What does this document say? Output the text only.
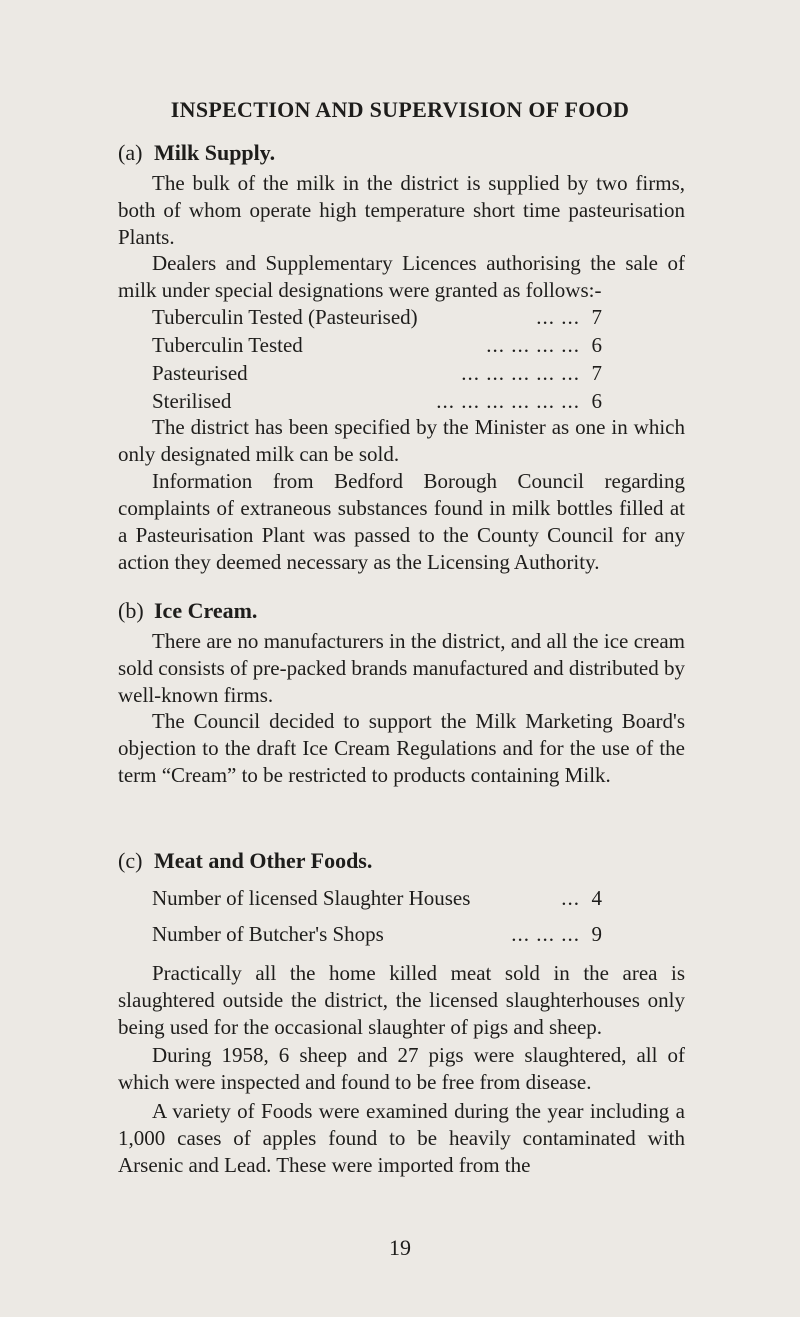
INSPECTION AND SUPERVISION OF FOOD
(a) Milk Supply.

The bulk of the milk in the district is supplied by two firms, both of whom operate high temperature short time pasteurisation Plants.

Dealers and Supplementary Licences authorising the sale of milk under special designations were granted as follows:-

Tuberculin Tested (Pasteurised)	... ... 7
Tuberculin Tested	... ... ... ... 6
Pasteurised	... ... ... ... ... 7
Sterilised	... ... ... ... ... ... 6

The district has been specified by the Minister as one in which only designated milk can be sold.

Information from Bedford Borough Council regarding complaints of extraneous substances found in milk bottles filled at a Pasteurisation Plant was passed to the County Council for any action they deemed necessary as the Licensing Authority.

(b) Ice Cream.

There are no manufacturers in the district, and all the ice cream sold consists of pre-packed brands manufactured and distributed by well-known firms.

The Council decided to support the Milk Marketing Board's objection to the draft Ice Cream Regulations and for the use of the term “Cream” to be restricted to products containing Milk.

(c) Meat and Other Foods.
Number of licensed Slaughter Houses	... 4
Number of Butcher's Shops	... ... ... 9

Practically all the home killed meat sold in the area is slaughtered outside the district, the licensed slaughterhouses only being used for the occasional slaughter of pigs and sheep.

During 1958, 6 sheep and 27 pigs were slaughtered, all of which were inspected and found to be free from disease.

A variety of Foods were examined during the year including a 1,000 cases of apples found to be heavily contaminated with Arsenic and Lead. These were imported from the

19
